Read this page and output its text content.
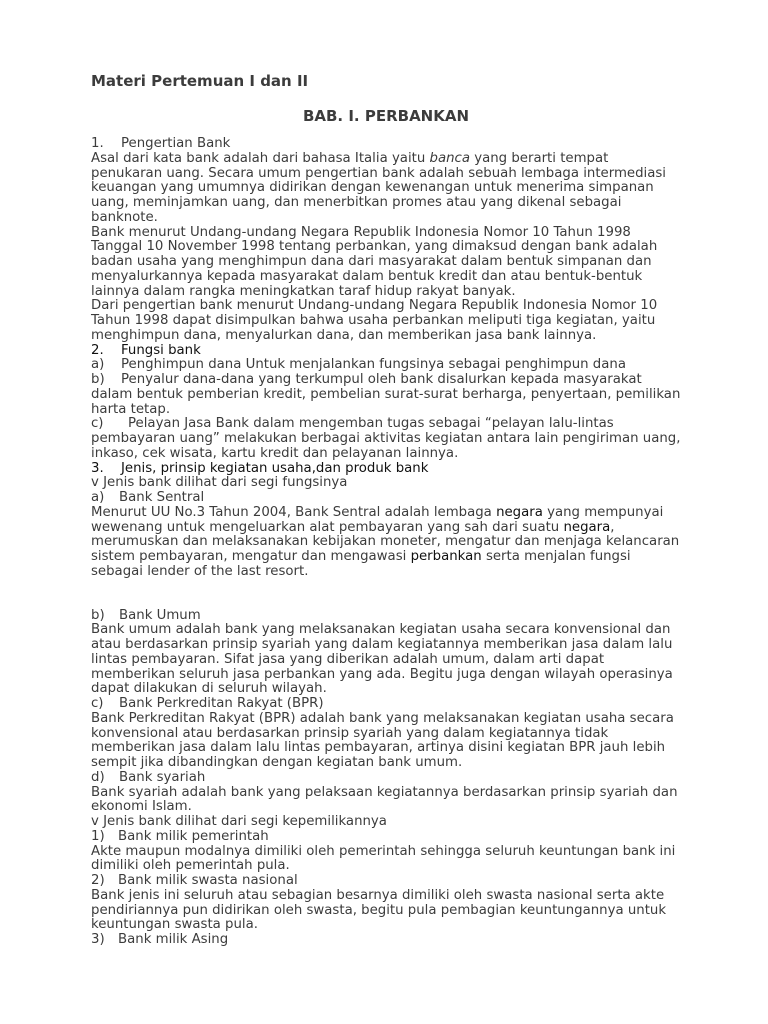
Materi Pertemuan I dan II
BAB. I. PERBANKAN

1. Pengertian Bank

Asal dari kata bank adalah dari bahasa Italia yaitu banca yang berarti tempat

penukaran uang. Secara umum pengertian bank adalah sebuah lembaga intermediasi

keuangan yang umumnya didirikan dengan kewenangan untuk menerima simpanan

uang, meminjamkan uang, dan menerbitkan promes atau yang dikenal sebagai

banknote.

Bank menurut Undang-undang Negara Republik Indonesia Nomor 10 Tahun 1998

Tanggal 10 November 1998 tentang perbankan, yang dimaksud dengan bank adalah

badan usaha yang menghimpun dana dari masyarakat dalam bentuk simpanan dan

menyalurkannya kepada masyarakat dalam bentuk kredit dan atau bentuk-bentuk

lainnya dalam rangka meningkatkan taraf hidup rakyat banyak.

Dari pengertian bank menurut Undang-undang Negara Republik Indonesia Nomor 10

Tahun 1998 dapat disimpulkan bahwa usaha perbankan meliputi tiga kegiatan, yaitu

menghimpun dana, menyalurkan dana, dan memberikan jasa bank lainnya.

2. Fungsi bank

a) Penghimpun dana Untuk menjalankan fungsinya sebagai penghimpun dana

b) Penyalur dana-dana yang terkumpul oleh bank disalurkan kepada masyarakat

dalam bentuk pemberian kredit, pembelian surat-surat berharga, penyertaan, pemilikan

harta tetap.

c) Pelayan Jasa Bank dalam mengemban tugas sebagai “pelayan lalu-lintas

pembayaran uang” melakukan berbagai aktivitas kegiatan antara lain pengiriman uang,

inkaso, cek wisata, kartu kredit dan pelayanan lainnya.

3. Jenis, prinsip kegiatan usaha,dan produk bank

v Jenis bank dilihat dari segi fungsinya

a) Bank Sentral

Menurut UU No.3 Tahun 2004, Bank Sentral adalah lembaga negara yang mempunyai

wewenang untuk mengeluarkan alat pembayaran yang sah dari suatu negara,

merumuskan dan melaksanakan kebijakan moneter, mengatur dan menjaga kelancaran

sistem pembayaran, mengatur dan mengawasi perbankan serta menjalan fungsi

sebagai lender of the last resort.

b) Bank Umum

Bank umum adalah bank yang melaksanakan kegiatan usaha secara konvensional dan

atau berdasarkan prinsip syariah yang dalam kegiatannya memberikan jasa dalam lalu

lintas pembayaran. Sifat jasa yang diberikan adalah umum, dalam arti dapat

memberikan seluruh jasa perbankan yang ada. Begitu juga dengan wilayah operasinya

dapat dilakukan di seluruh wilayah.

c) Bank Perkreditan Rakyat (BPR)

Bank Perkreditan Rakyat (BPR) adalah bank yang melaksanakan kegiatan usaha secara

konvensional atau berdasarkan prinsip syariah yang dalam kegiatannya tidak

memberikan jasa dalam lalu lintas pembayaran, artinya disini kegiatan BPR jauh lebih

sempit jika dibandingkan dengan kegiatan bank umum.

d) Bank syariah

Bank syariah adalah bank yang pelaksaan kegiatannya berdasarkan prinsip syariah dan

ekonomi Islam.

v Jenis bank dilihat dari segi kepemilikannya

1) Bank milik pemerintah

Akte maupun modalnya dimiliki oleh pemerintah sehingga seluruh keuntungan bank ini

dimiliki oleh pemerintah pula.

2) Bank milik swasta nasional

Bank jenis ini seluruh atau sebagian besarnya dimiliki oleh swasta nasional serta akte

pendiriannya pun didirikan oleh swasta, begitu pula pembagian keuntungannya untuk

keuntungan swasta pula.

3) Bank milik Asing
